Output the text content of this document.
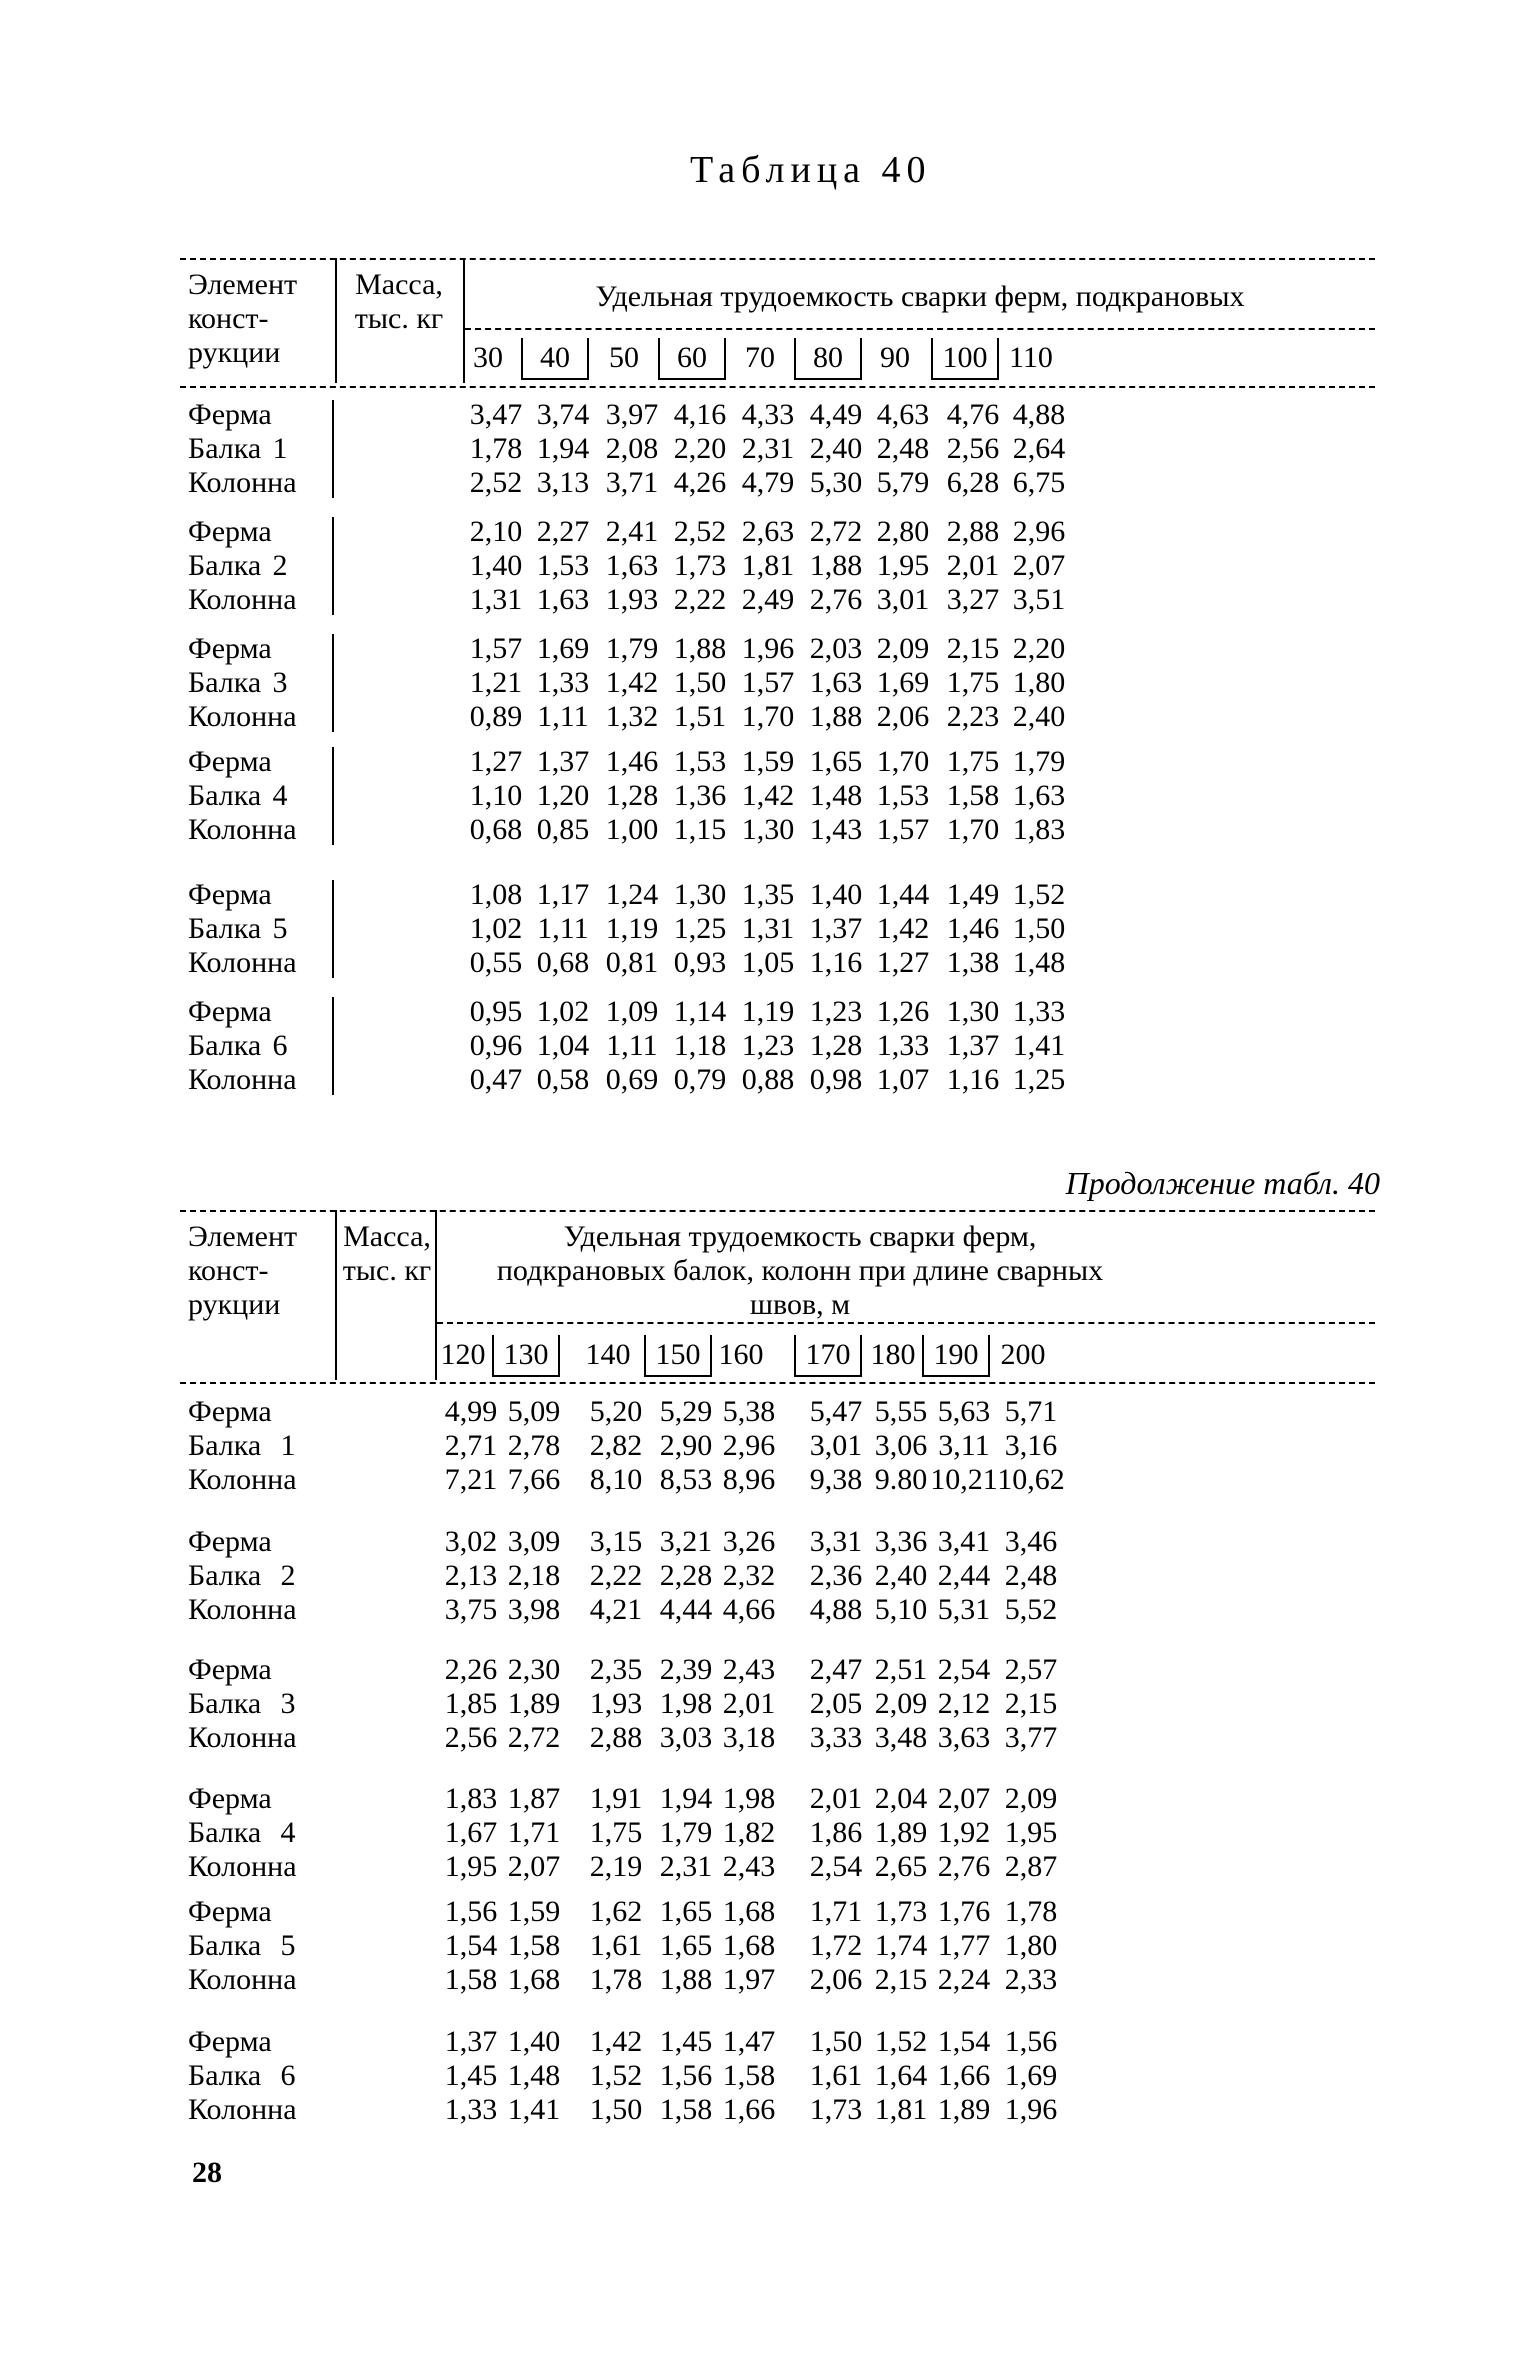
Таблица 40
Элемент конст- рукции
Масса, тыс. кг
Удельная трудоемкость сварки ферм, подкрановых
30	40	50	60	70	80	90	100 110
1
Ферма	3,47 3,74 3,97 4,16 4,33 4,49 4,63 4,76 4,88
Балка	1,78 1,94 2,08 2,20 2,31 2,40 2,48 2,56 2,64
Колонна	2,52 3,13 3,71 4,26 4,79 5,30 5,79 6,28 6,75
2
Ферма	2,10 2,27 2,41 2,52 2,63 2,72 2,80 2,88 2,96
Балка	1,40 1,53 1,63 1,73 1,81 1,88 1,95 2,01 2,07
Колонна	1,31 1,63 1,93 2,22 2,49 2,76 3,01 3,27 3,51
3
Ферма	1,57 1,69 1,79 1,88 1,96 2,03 2,09 2,15 2,20
Балка	1,21 1,33 1,42 1,50 1,57 1,63 1,69 1,75 1,80
Колонна	0,89 1,11 1,32 1,51 1,70 1,88 2,06 2,23 2,40
4
Ферма	1,27 1,37 1,46 1,53 1,59 1,65 1,70 1,75 1,79
Балка	1,10 1,20 1,28 1,36 1,42 1,48 1,53 1,58 1,63
Колонна	0,68 0,85 1,00 1,15 1,30 1,43 1,57 1,70 1,83
5
Ферма	1,08 1,17 1,24 1,30 1,35 1,40 1,44 1,49 1,52
Балка	1,02 1,11 1,19 1,25 1,31 1,37 1,42 1,46 1,50
Колонна	0,55 0,68 0,81 0,93 1,05 1,16 1,27 1,38 1,48
6
Ферма	0,95 1,02 1,09 1,14 1,19 1,23 1,26 1,30 1,33
Балка	0,96 1,04 1,11 1,18 1,23 1,28 1,33 1,37 1,41
Колонна	0,47 0,58 0,69 0,79 0,88 0,98 1,07 1,16 1,25
Продолжение табл. 40
Элемент конст- рукции
Масса, тыс. кг
Удельная трудоемкость сварки ферм, подкрановых балок, колонн при длине сварных швов, м
120 130	140 150 160	170 180 190 200
1
Ферма	4,99 5,09 5,20 5,29 5,38	5,47 5,55 5,63 5,71
Балка	2,71 2,78 2,82 2,90 2,96	3,01 3,06 3,11 3,16
Колонна	7,21 7,66 8,10 8,53 8,96	9,38 9.80 10,21 10,62
2
Ферма	3,02 3,09 3,15 3,21 3,26	3,31 3,36 3,41 3,46
Балка	2,13 2,18 2,22 2,28 2,32	2,36 2,40 2,44 2,48
Колонна	3,75 3,98 4,21 4,44 4,66	4,88 5,10 5,31 5,52
3
Ферма	2,26 2,30 2,35 2,39 2,43	2,47 2,51 2,54 2,57
Балка	1,85 1,89 1,93 1,98 2,01	2,05 2,09 2,12 2,15
Колонна	2,56 2,72 2,88 3,03 3,18	3,33 3,48 3,63 3,77
4
Ферма	1,83 1,87 1,91 1,94 1,98	2,01 2,04 2,07 2,09
Балка	1,67 1,71 1,75 1,79 1,82	1,86 1,89 1,92 1,95
Колонна	1,95 2,07 2,19 2,31 2,43	2,54 2,65 2,76 2,87
5
Ферма	1,56 1,59 1,62 1,65 1,68	1,71 1,73 1,76 1,78
Балка	1,54 1,58 1,61 1,65 1,68	1,72 1,74 1,77 1,80
Колонна	1,58 1,68 1,78 1,88 1,97	2,06 2,15 2,24 2,33
6
Ферма	1,37 1,40 1,42 1,45 1,47	1,50 1,52 1,54 1,56
Балка	1,45 1,48 1,52 1,56 1,58	1,61 1,64 1,66 1,69
Колонна	1,33 1,41 1,50 1,58 1,66	1,73 1,81 1,89 1,96
28
